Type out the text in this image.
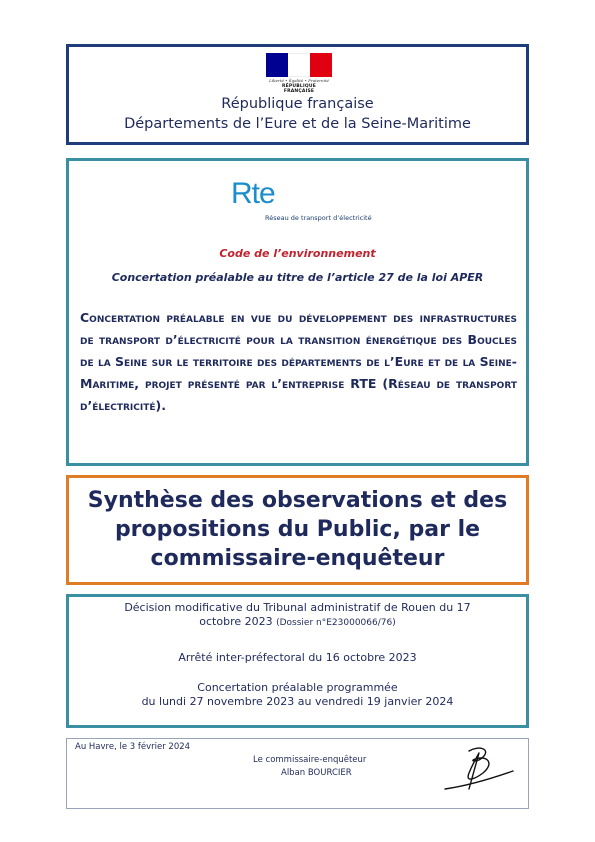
Liberté • Égalité • Fraternité
RÉPUBLIQUE FRANÇAISE
République française
Départements de l’Eure et de la Seine-Maritime
Rte
Réseau de transport d’électricité
Code de l’environnement
Concertation préalable au titre de l’article 27 de la loi APER
Concertation préalable en vue du développement des infrastructures de transport d’électricité pour la transition énergétique des Boucles de la Seine sur le territoire des départements de l’Eure et de la Seine-Maritime, projet présenté par l’entreprise RTE (Réseau de transport d’électricité).
Synthèse des observations et des propositions du Public, par le commissaire-enquêteur
Décision modificative du Tribunal administratif de Rouen du 17
octobre 2023 (Dossier n°E23000066/76)
Arrêté inter-préfectoral du 16 octobre 2023
Concertation préalable programmée
du lundi 27 novembre 2023 au vendredi 19 janvier 2024
Au Havre, le 3 février 2024
Le commissaire-enquêteur
Alban BOURCIER
